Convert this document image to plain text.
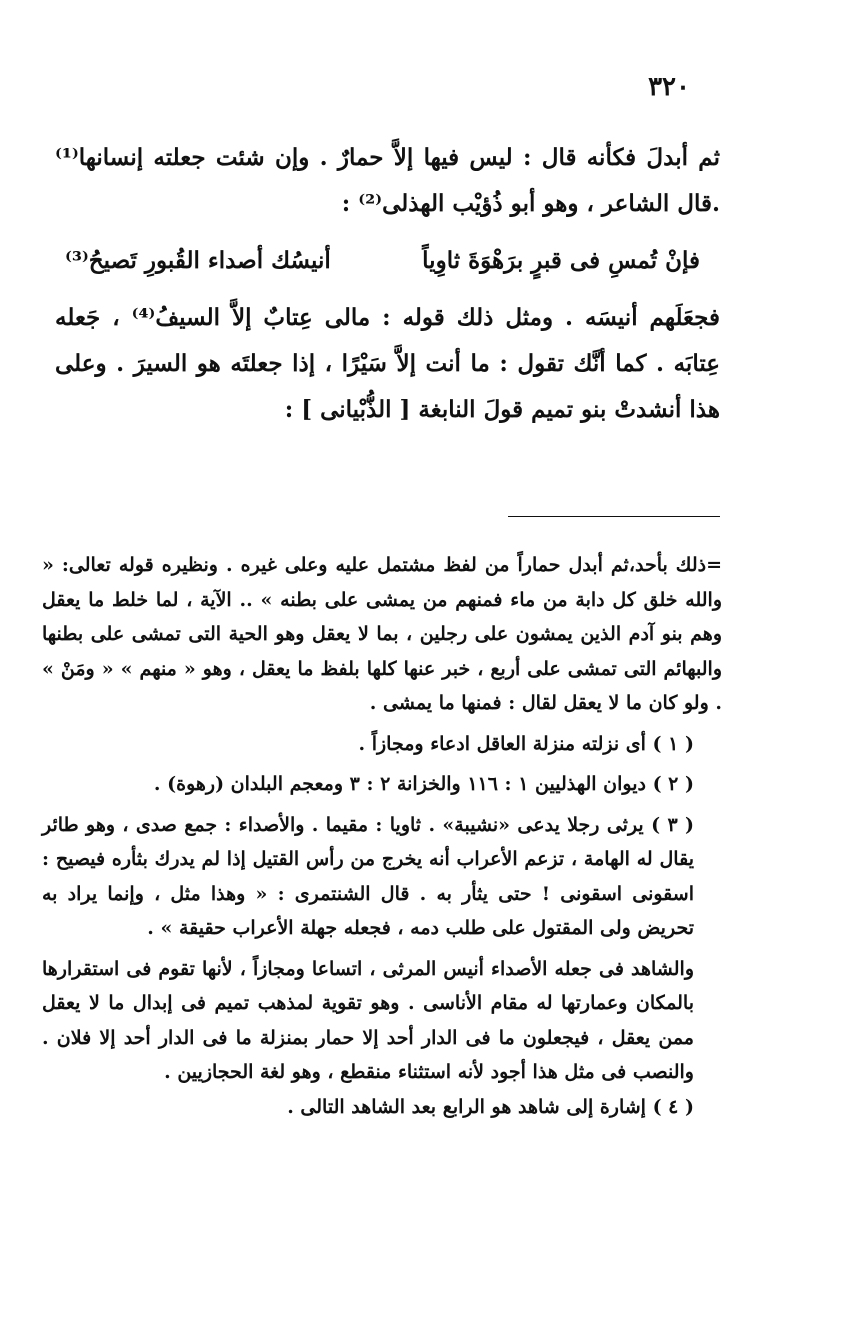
٣٢٠

ثم أبدلَ فكأنه قال : ليس فيها إلاَّ حمارٌ . وإن شئت جعلته إنسانها⁽¹⁾ .قال الشاعر ، وهو أبو ذُؤيْب الهذلى⁽²⁾ :

فإنْ تُمسِ فى قبرٍ برَهْوَةَ ثاوِياً
أنيسُك أصداء القُبورِ تَصيحُ⁽³⁾

فجعَلَهم أنيسَه . ومثل ذلك قوله : مالى عِتابٌ إلاَّ السيفُ⁽⁴⁾ ، جَعله عِتابَه . كما أنَّك تقول : ما أنت إلاَّ سَيْرًا ، إذا جعلتَه هو السيرَ . وعلى هذا أنشدتْ بنو تميم قولَ النابغة [ الذُّبْيانى ] :

=ذلك بأحد،ثم أبدل حماراً من لفظ مشتمل عليه وعلى غيره . ونظيره قوله تعالى: « والله خلق كل دابة من ماء فمنهم من يمشى على بطنه » .. الآية ، لما خلط ما يعقل وهم بنو آدم الذين يمشون على رجلين ، بما لا يعقل وهو الحية التى تمشى على بطنها والبهائم التى تمشى على أربع ، خبر عنها كلها بلفظ ما يعقل ، وهو « منهم » « ومَنْ » . ولو كان ما لا يعقل لقال : فمنها ما يمشى .

( ١ ) أى نزلته منزلة العاقل ادعاء ومجازاً .

( ٢ ) ديوان الهذليين ١ : ١١٦ والخزانة ٢ : ٣ ومعجم البلدان (رهوة) .

( ٣ ) يرثى رجلا يدعى «نشيبة» . ثاويا : مقيما . والأصداء : جمع صدى ، وهو طائر يقال له الهامة ، تزعم الأعراب أنه يخرج من رأس القتيل إذا لم يدرك بثأره فيصيح : اسقونى اسقونى ! حتى يثأر به . قال الشنتمرى : « وهذا مثل ، وإنما يراد به تحريض ولى المقتول على طلب دمه ، فجعله جهلة الأعراب حقيقة » .

والشاهد فى جعله الأصداء أنيس المرثى ، اتساعا ومجازاً ، لأنها تقوم فى استقرارها بالمكان وعمارتها له مقام الأناسى . وهو تقوية لمذهب تميم فى إبدال ما لا يعقل ممن يعقل ، فيجعلون ما فى الدار أحد إلا حمار بمنزلة ما فى الدار أحد إلا فلان . والنصب فى مثل هذا أجود لأنه استثناء منقطع ، وهو لغة الحجازيين .

( ٤ ) إشارة إلى شاهد هو الرابع بعد الشاهد التالى .
